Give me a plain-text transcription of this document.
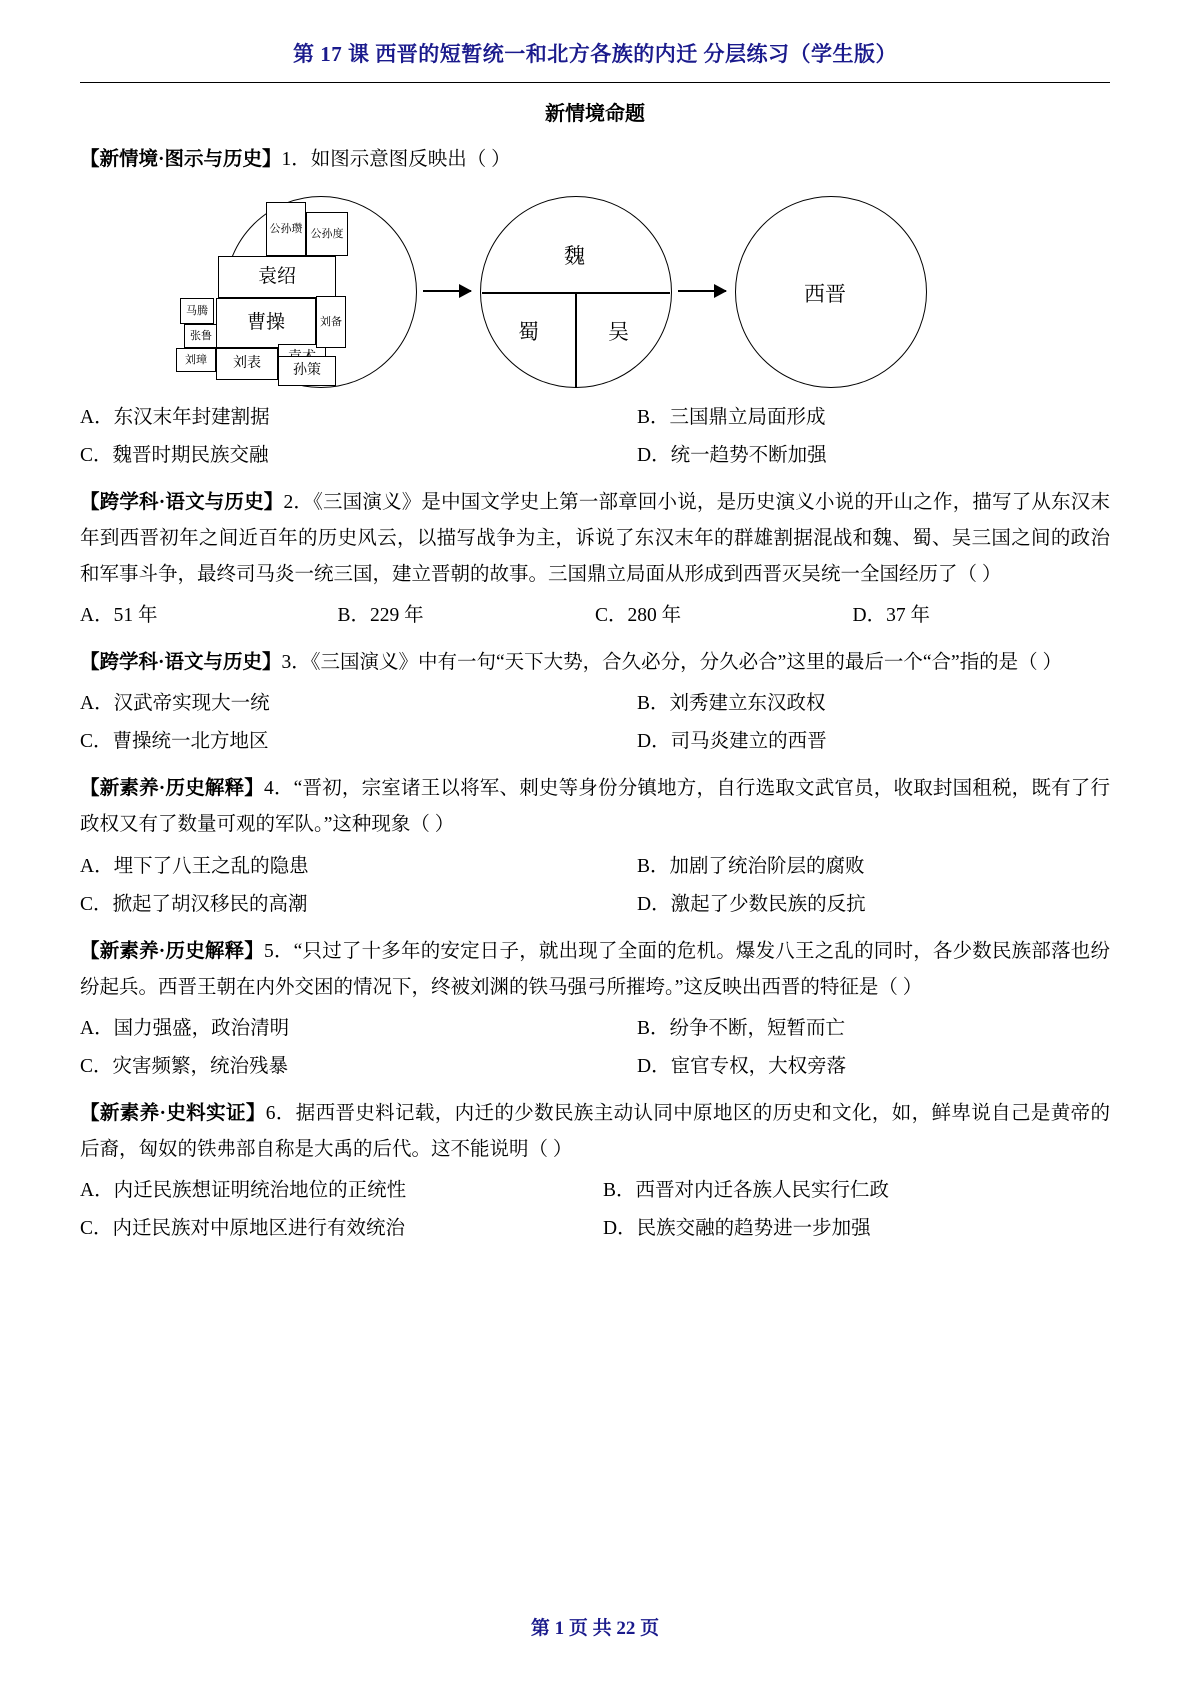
第 17 课 西晋的短暂统一和北方各族的内迁 分层练习（学生版）
新情境命题

【新情境·图示与历史】1．如图示意图反映出（ ）

公孙瓒 公孙度
袁绍
马腾
张鲁
刘璋
曹操
刘表
刘备
孙策
魏
蜀	吴
西晋
A．东汉末年封建割据	B．三国鼎立局面形成
C．魏晋时期民族交融	D．统一趋势不断加强

【跨学科·语文与历史】2．《三国演义》是中国文学史上第一部章回小说，是历史演义小说的开山之作，描写了从东汉末年到西晋初年之间近百年的历史风云，以描写战争为主，诉说了东汉末年的群雄割据混战和魏、蜀、吴三国之间的政治和军事斗争，最终司马炎一统三国，建立晋朝的故事。三国鼎立局面从形成到西晋灭吴统一全国经历了（ ）

A．51 年	B．229 年	C．280 年	D．37 年

【跨学科·语文与历史】3．《三国演义》中有一句“天下大势，合久必分，分久必合”这里的最后一个“合”指的是（ ）

A．汉武帝实现大一统	B．刘秀建立东汉政权
C．曹操统一北方地区	D．司马炎建立的西晋

【新素养·历史解释】4．“晋初，宗室诸王以将军、刺史等身份分镇地方，自行选取文武官员，收取封国租税，既有了行政权又有了数量可观的军队。”这种现象（ ）

A．埋下了八王之乱的隐患	B．加剧了统治阶层的腐败
C．掀起了胡汉移民的高潮	D．激起了少数民族的反抗

【新素养·历史解释】5．“只过了十多年的安定日子，就出现了全面的危机。爆发八王之乱的同时，各少数民族部落也纷纷起兵。西晋王朝在内外交困的情况下，终被刘渊的铁马强弓所摧垮。”这反映出西晋的特征是（ ）

A．国力强盛，政治清明	B．纷争不断，短暂而亡
C．灾害频繁，统治残暴	D．宦官专权，大权旁落

【新素养·史料实证】6．据西晋史料记载，内迁的少数民族主动认同中原地区的历史和文化，如，鲜卑说自己是黄帝的后裔，匈奴的铁弗部自称是大禹的后代。这不能说明（ ）

A．内迁民族想证明统治地位的正统性	B．西晋对内迁各族人民实行仁政
C．内迁民族对中原地区进行有效统治	D．民族交融的趋势进一步加强
第 1 页 共 22 页
